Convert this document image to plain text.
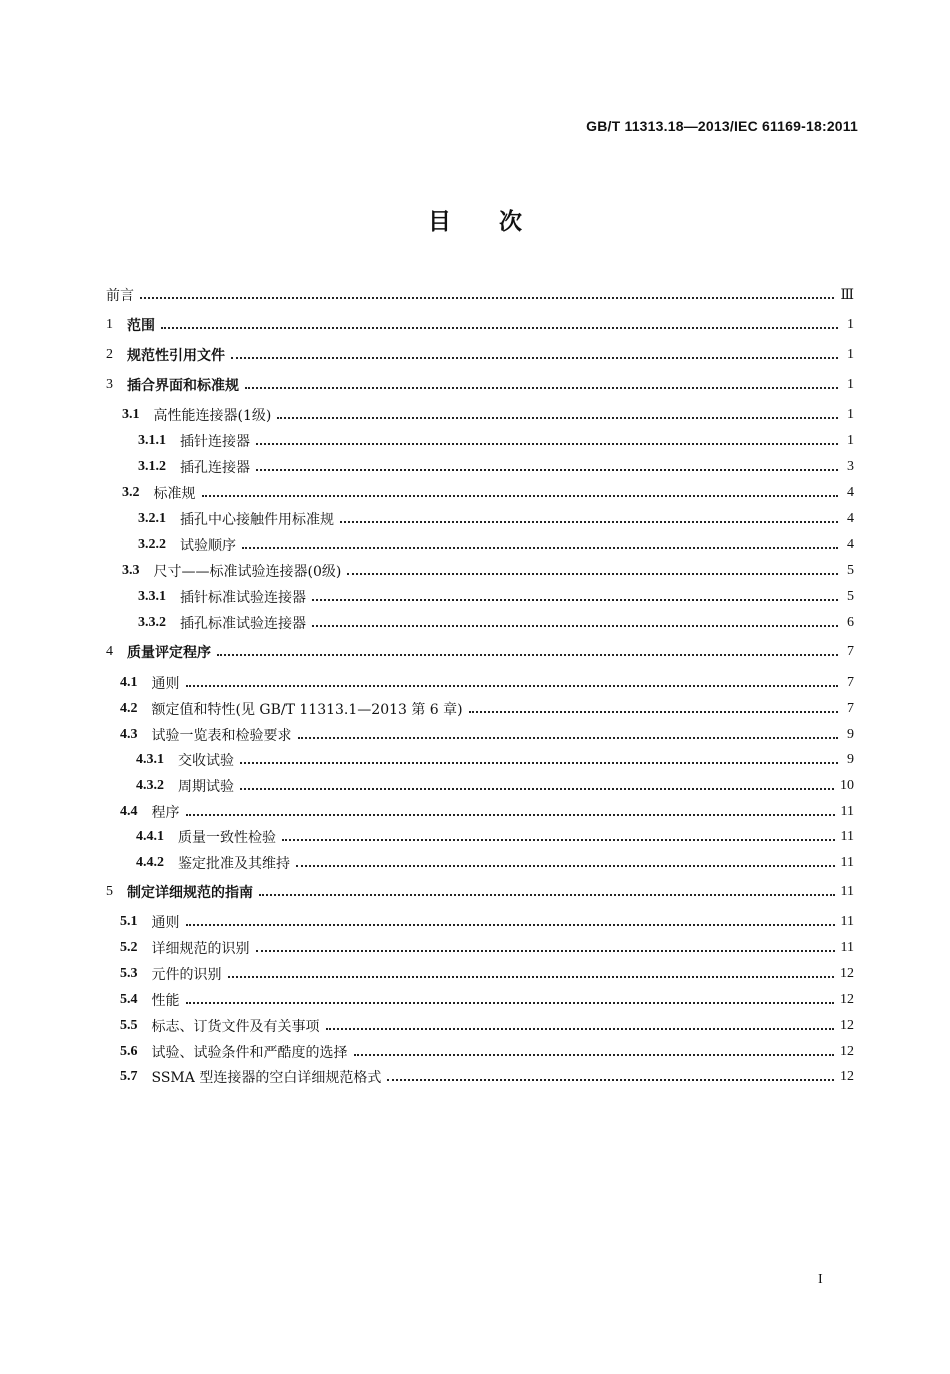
GB/T 11313.18—2013/IEC 61169-18:2011
目次
前言	Ⅲ
1 范围	1
2 规范性引用文件	1
3 插合界面和标准规	1
3.1 高性能连接器(1级)	1
3.1.1 插针连接器	1
3.1.2 插孔连接器	3
3.2 标准规	4
3.2.1 插孔中心接触件用标准规	4
3.2.2 试验顺序	4
3.3 尺寸——标准试验连接器(0级)	5
3.3.1 插针标准试验连接器	5
3.3.2 插孔标准试验连接器	6
4 质量评定程序	7
4.1 通则	7
4.2 额定值和特性(见 GB/T 11313.1—2013 第 6 章)	7
4.3 试验一览表和检验要求	9
4.3.1 交收试验	9
4.3.2 周期试验	10
4.4 程序	11
4.4.1 质量一致性检验	11
4.4.2 鉴定批准及其维持	11
5 制定详细规范的指南	11
5.1 通则	11
5.2 详细规范的识别	11
5.3 元件的识别	12
5.4 性能	12
5.5 标志、订货文件及有关事项	12
5.6 试验、试验条件和严酷度的选择	12
5.7 SSMA 型连接器的空白详细规范格式	12
I
